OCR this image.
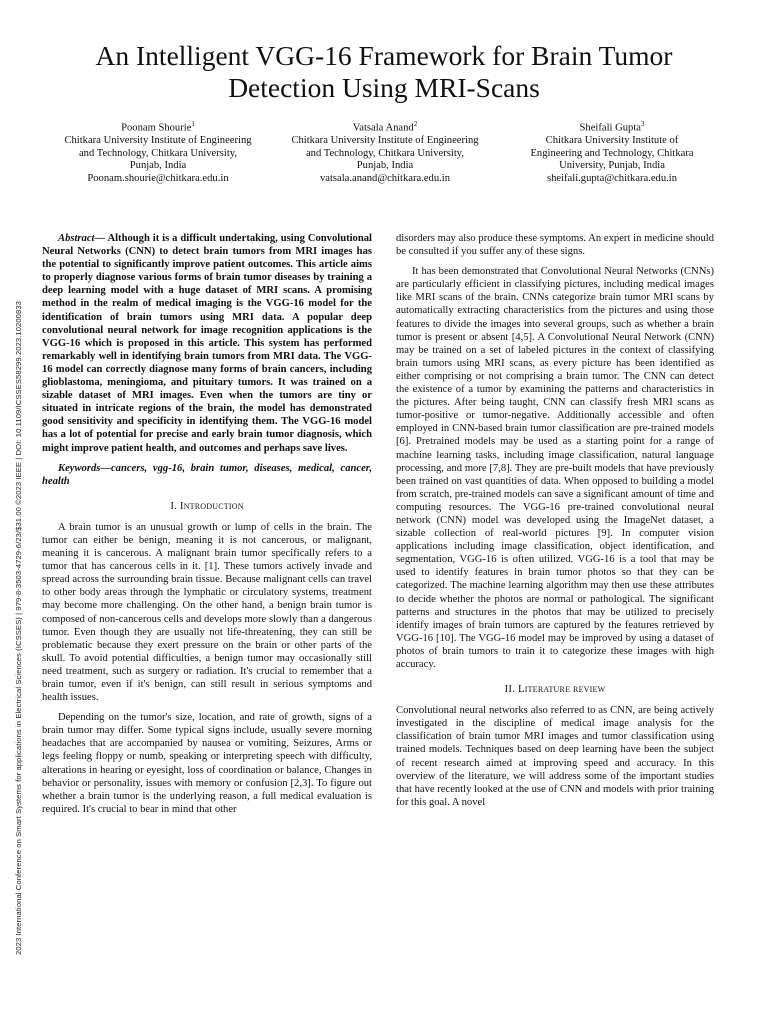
2023 International Conference on Smart Systems for applications in Electrical Sciences (ICSSES) | 979-8-3503-4729-6/23/$31.00 ©2023 IEEE | DOI: 10.1109/ICSSES58299.2023.10200833
An Intelligent VGG-16 Framework for Brain Tumor Detection Using MRI-Scans
Poonam Shourie$^1$
Chitkara University Institute of Engineering
and Technology, Chitkara University,
Punjab, India
Poonam.shourie@chitkara.edu.in
Vatsala Anand$^2$
Chitkara University Institute of Engineering
and Technology, Chitkara University,
Punjab, India
vatsala.anand@chitkara.edu.in
Sheifali Gupta$^3$
Chitkara University Institute of
Engineering and Technology, Chitkara
University, Punjab, India
sheifali.gupta@chitkara.edu.in

Abstract— Although it is a difficult undertaking, using Convolutional Neural Networks (CNN) to detect brain tumors from MRI images has the potential to significantly improve patient outcomes. This article aims to properly diagnose various forms of brain tumor diseases by training a deep learning model with a huge dataset of MRI scans. A promising method in the realm of medical imaging is the VGG-16 model for the identification of brain tumors using MRI data. A popular deep convolutional neural network for image recognition applications is the VGG-16 which is proposed in this article. This system has performed remarkably well in identifying brain tumors from MRI data. The VGG-16 model can correctly diagnose many forms of brain cancers, including glioblastoma, meningioma, and pituitary tumors. It was trained on a sizable dataset of MRI images. Even when the tumors are tiny or situated in intricate regions of the brain, the model has demonstrated good sensitivity and specificity in identifying them. The VGG-16 model has a lot of potential for precise and early brain tumor diagnosis, which might improve patient health, and outcomes and perhaps save lives.

Keywords—cancers, vgg-16, brain tumor, diseases, medical, cancer, health

I. Introduction

A brain tumor is an unusual growth or lump of cells in the brain. The tumor can either be benign, meaning it is not cancerous, or malignant, meaning it is cancerous. A malignant brain tumor specifically refers to a tumor that has cancerous cells in it. [1]. These tumors actively invade and spread across the surrounding brain tissue. Because malignant cells can travel to other body areas through the lymphatic or circulatory systems, treatment may become more challenging. On the other hand, a benign brain tumor is composed of non-cancerous cells and develops more slowly than a dangerous tumor. Even though they are usually not life-threatening, they can still be problematic because they exert pressure on the brain or other parts of the skull. To avoid potential difficulties, a benign tumor may occasionally still need treatment, such as surgery or radiation. It's crucial to remember that a brain tumor, even if it's benign, can still result in serious symptoms and health issues.

Depending on the tumor's size, location, and rate of growth, signs of a brain tumor may differ. Some typical signs include, usually severe morning headaches that are accompanied by nausea or vomiting, Seizures, Arms or legs feeling floppy or numb, speaking or interpreting speech with difficulty, alterations in hearing or eyesight, loss of coordination or balance, Changes in behavior or personality, issues with memory or confusion [2,3]. To figure out whether a brain tumor is the underlying reason, a full medical evaluation is required. It's crucial to bear in mind that other

disorders may also produce these symptoms. An expert in medicine should be consulted if you suffer any of these signs.

It has been demonstrated that Convolutional Neural Networks (CNNs) are particularly efficient in classifying pictures, including medical images like MRI scans of the brain. CNNs categorize brain tumor MRI scans by automatically extracting characteristics from the pictures and using those features to divide the images into several groups, such as whether a brain tumor is present or absent [4,5]. A Convolutional Neural Network (CNN) may be trained on a set of labeled pictures in the context of classifying brain tumors using MRI scans, as every picture has been identified as either comprising or not comprising a brain tumor. The CNN can detect the existence of a tumor by examining the patterns and characteristics in the pictures. After being taught, CNN can classify fresh MRI scans as tumor-positive or tumor-negative. Additionally accessible and often employed in CNN-based brain tumor classification are pre-trained models [6]. Pretrained models may be used as a starting point for a range of machine learning tasks, including image classification, natural language processing, and more [7,8]. They are pre-built models that have previously been trained on vast quantities of data. When opposed to building a model from scratch, pre-trained models can save a significant amount of time and computing resources. The VGG-16 pre-trained convolutional neural network (CNN) model was developed using the ImageNet dataset, a sizable collection of real-world pictures [9]. In computer vision applications including image classification, object identification, and segmentation, VGG-16 is often utilized. VGG-16 is a tool that may be used to identify features in brain tumor photos so that they can be categorized. The machine learning algorithm may then use these attributes to decide whether the photos are normal or pathological. The significant patterns and structures in the photos that may be utilized to precisely identify images of brain tumors are captured by the features retrieved by VGG-16 [10]. The VGG-16 model may be improved by using a dataset of photos of brain tumors to train it to categorize these images with high accuracy.

II. Literature review

Convolutional neural networks also referred to as CNN, are being actively investigated in the discipline of medical image analysis for the classification of brain tumor MRI images and tumor classification using trained models. Techniques based on deep learning have been the subject of recent research aimed at improving speed and accuracy. In this overview of the literature, we will address some of the important studies that have recently looked at the use of CNN and models with prior training for this goal. A novel
